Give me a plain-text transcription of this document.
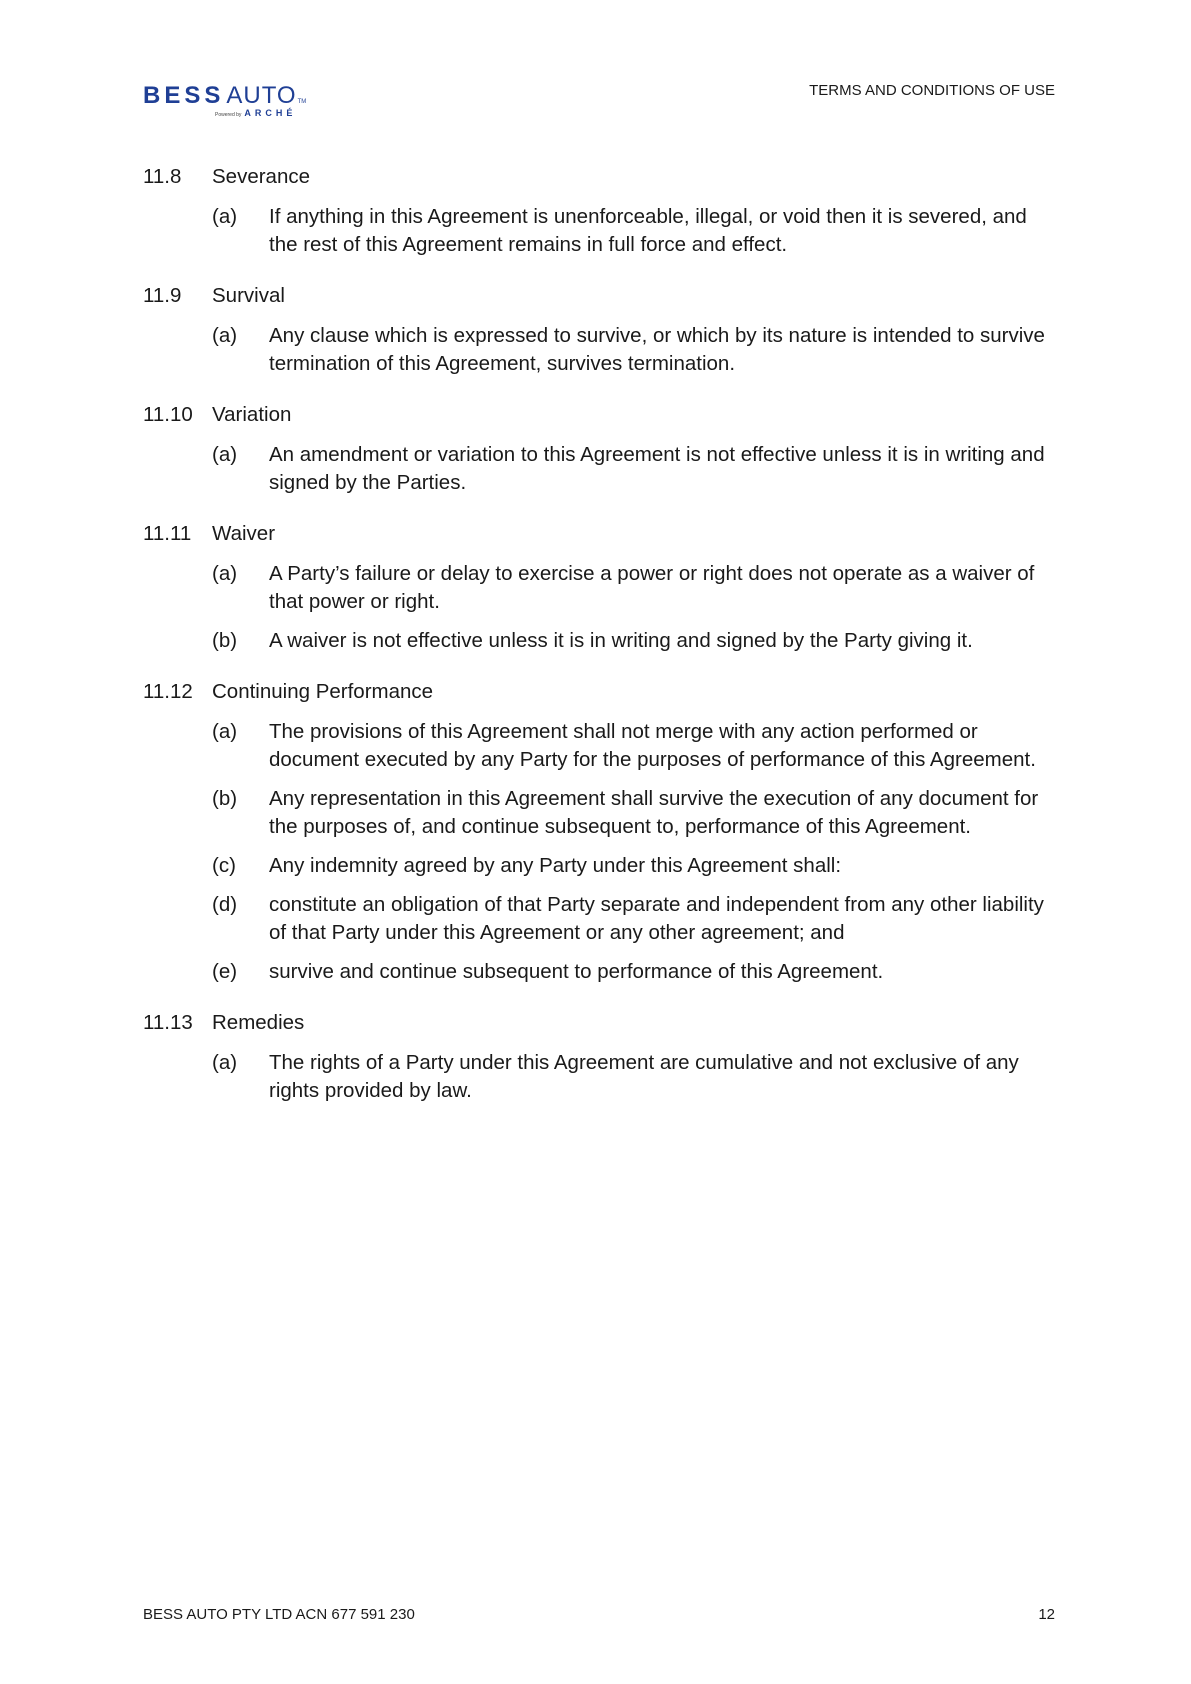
BESS AUTO TM
Powered by ARCHÉ
TERMS AND CONDITIONS OF USE
11.8	Severance
(a)	If anything in this Agreement is unenforceable, illegal, or void then it is severed, and the rest of this Agreement remains in full force and effect.
11.9	Survival
(a)	Any clause which is expressed to survive, or which by its nature is intended to survive termination of this Agreement, survives termination.
11.10 Variation
(a)	An amendment or variation to this Agreement is not effective unless it is in writing and signed by the Parties.
11.11	Waiver
(a)	A Party’s failure or delay to exercise a power or right does not operate as a waiver of that power or right.
(b)	A waiver is not effective unless it is in writing and signed by the Party giving it.
11.12 Continuing Performance
(a)	The provisions of this Agreement shall not merge with any action performed or document executed by any Party for the purposes of performance of this Agreement.
(b)	Any representation in this Agreement shall survive the execution of any document for the purposes of, and continue subsequent to, performance of this Agreement.
(c)	Any indemnity agreed by any Party under this Agreement shall:
(d)	constitute an obligation of that Party separate and independent from any other liability of that Party under this Agreement or any other agreement; and
(e)	survive and continue subsequent to performance of this Agreement.
11.13 Remedies
(a)	The rights of a Party under this Agreement are cumulative and not exclusive of any rights provided by law.
BESS AUTO PTY LTD ACN 677 591 230	12
